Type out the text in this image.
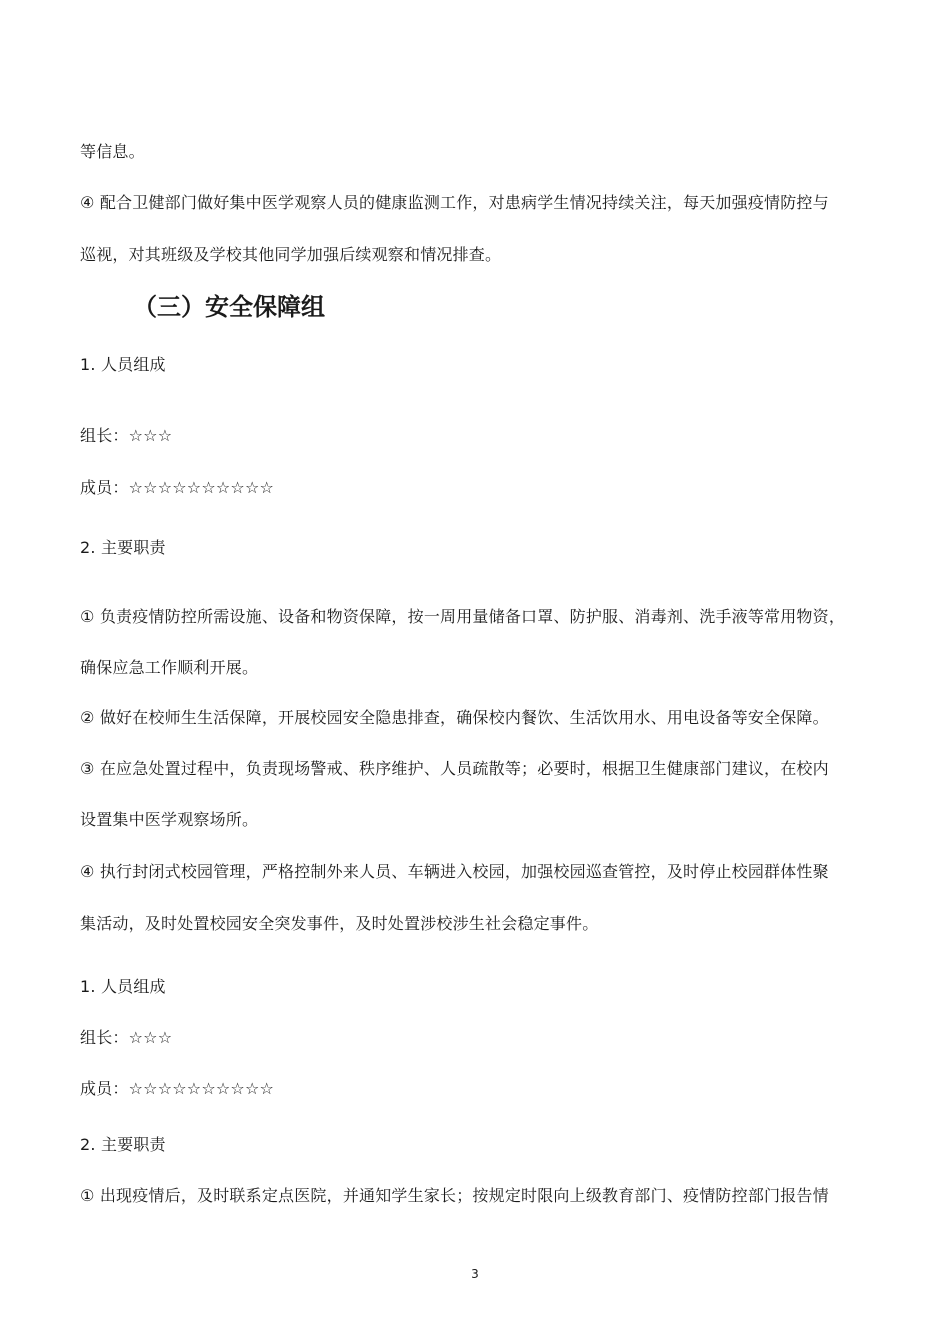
等信息。
④ 配合卫健部门做好集中医学观察人员的健康监测工作，对患病学生情况持续关注，每天加强疫情防控与
巡视，对其班级及学校其他同学加强后续观察和情况排查。
（三）安全保障组
1. 人员组成
组长：☆☆☆
成员：☆☆☆☆☆☆☆☆☆☆
2. 主要职责
① 负责疫情防控所需设施、设备和物资保障，按一周用量储备口罩、防护服、消毒剂、洗手液等常用物资，
确保应急工作顺利开展。
② 做好在校师生生活保障，开展校园安全隐患排查，确保校内餐饮、生活饮用水、用电设备等安全保障。
③ 在应急处置过程中，负责现场警戒、秩序维护、人员疏散等；必要时，根据卫生健康部门建议，在校内
设置集中医学观察场所。
④ 执行封闭式校园管理，严格控制外来人员、车辆进入校园，加强校园巡查管控，及时停止校园群体性聚
集活动，及时处置校园安全突发事件，及时处置涉校涉生社会稳定事件。
1. 人员组成
组长：☆☆☆
成员：☆☆☆☆☆☆☆☆☆☆
2. 主要职责
① 出现疫情后，及时联系定点医院，并通知学生家长；按规定时限向上级教育部门、疫情防控部门报告情
3
